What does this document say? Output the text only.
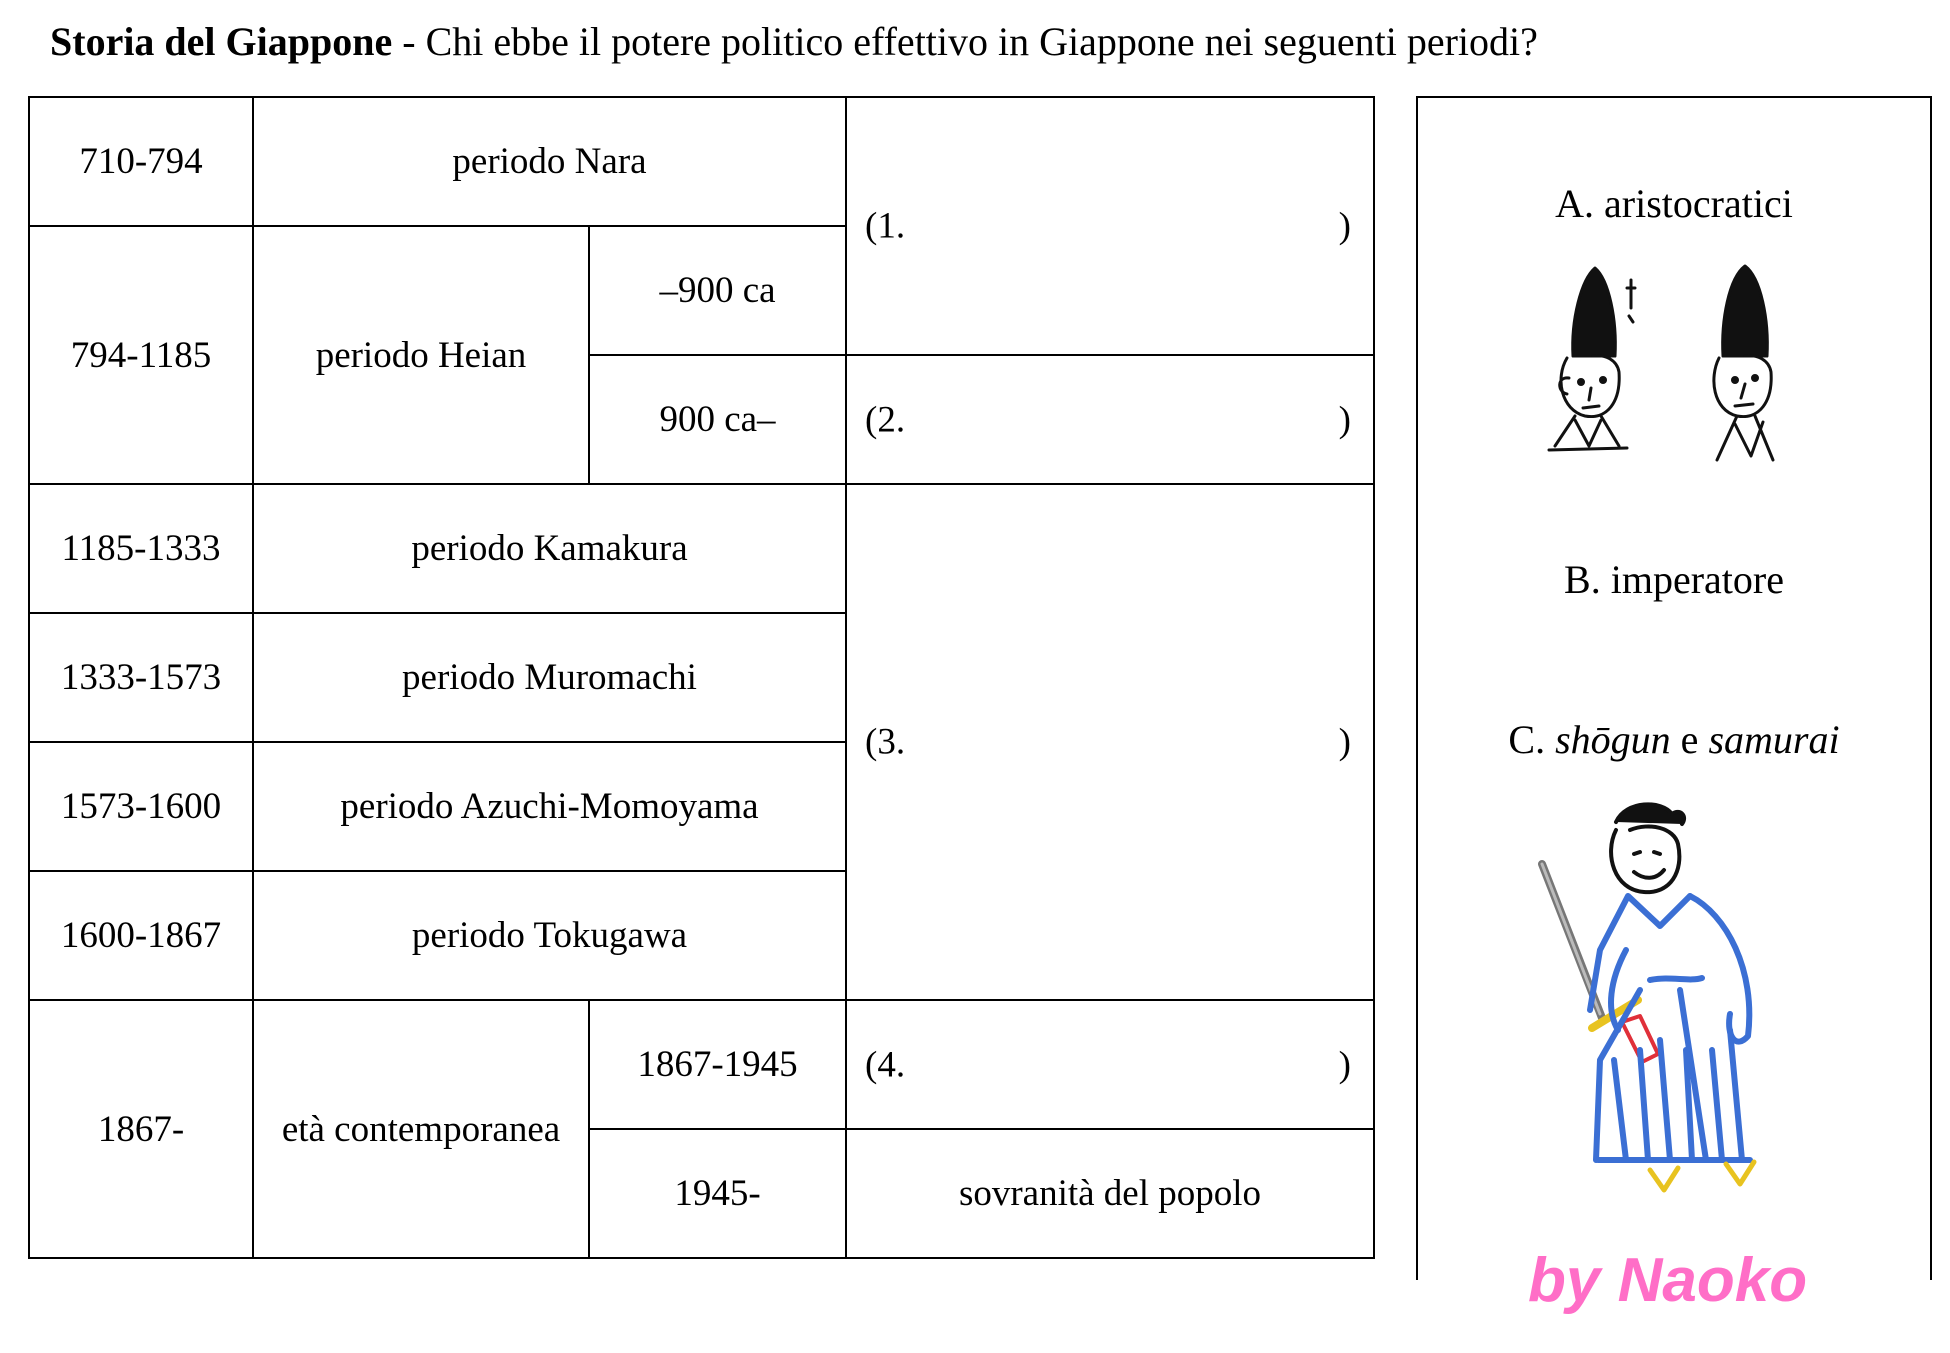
Storia del Giappone - Chi ebbe il potere politico effettivo in Giappone nei seguenti periodi?
710-794	periodo Nara		(1. )

794-1185	periodo Heian	–900 ca	
		900 ca–	(2. )

1185-1333	periodo Kamakura		(3. )

1333-1573	periodo Muromachi		
1573-1600	periodo Azuchi-Momoyama		
1600-1867	periodo Tokugawa		
1867-	età contemporanea	1867-1945	(4. )

		1945-	sovranità del popolo
A. aristocratici
B. imperatore
C. shōgun e samurai
by Naoko
